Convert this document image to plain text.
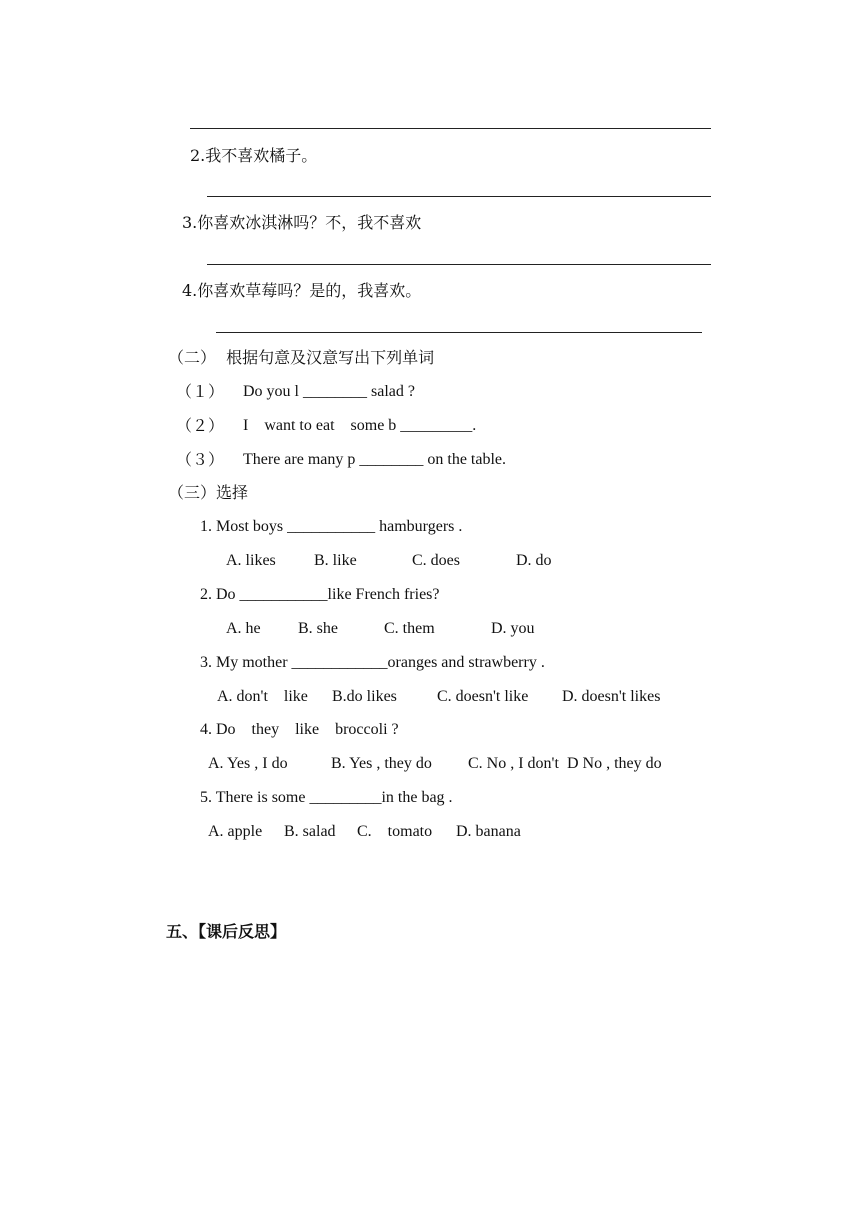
2.我不喜欢橘子。
3.你喜欢冰淇淋吗？不，我不喜欢
4.你喜欢草莓吗？是的，我喜欢。
（二）  根据句意及汉意写出下列单词
（１） Do you l ________ salad ?
（２） I    want to eat    some b _________.
（３） There are many p ________ on the table.
（三）选择
1. Most boys ___________ hamburgers .
A. likes B. like	C. does	D. do
2. Do ___________like French fries?
A. he B. she	C. them	D. you
3. My mother ____________oranges and strawberry .
A. don't    like B.do likes	C. doesn't like D. doesn't likes
4. Do    they    like    broccoli ?
A. Yes , I do	B. Yes , they do C. No , I don't D No , they do
5. There is some _________in the bag .
A. apple B. salad C.    tomato D. banana
五、【课后反思】
